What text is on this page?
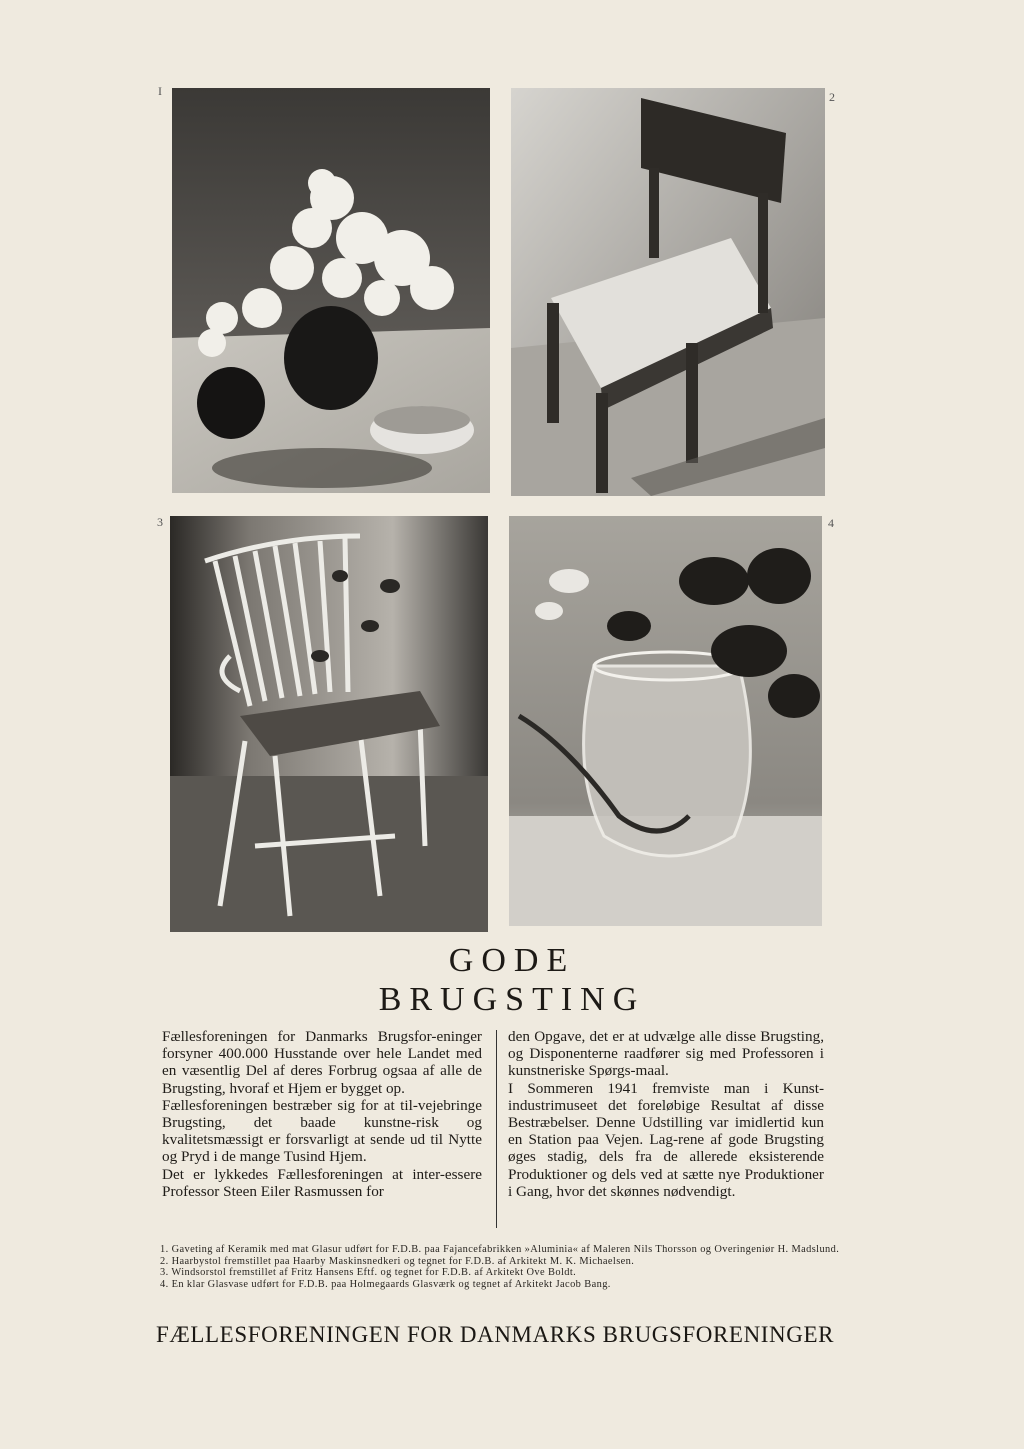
I	2
3	4
GODE
BRUGSTING

Fællesforeningen for Danmarks Brugsfor-eninger forsyner 400.000 Husstande over hele Landet med en væsentlig Del af deres Forbrug ogsaa af alle de Brugsting, hvoraf et Hjem er bygget op.

Fællesforeningen bestræber sig for at til-vejebringe Brugsting, det baade kunstne-risk og kvalitetsmæssigt er forsvarligt at sende ud til Nytte og Pryd i de mange Tusind Hjem.

Det er lykkedes Fællesforeningen at inter-essere Professor Steen Eiler Rasmussen for

den Opgave, det er at udvælge alle disse Brugsting, og Disponenterne raadfører sig med Professoren i kunstneriske Spørgs-maal.

I Sommeren 1941 fremviste man i Kunst-industrimuseet det foreløbige Resultat af disse Bestræbelser. Denne Udstilling var imidlertid kun en Station paa Vejen. Lag-rene af gode Brugsting øges stadig, dels fra de allerede eksisterende Produktioner og dels ved at sætte nye Produktioner i Gang, hvor det skønnes nødvendigt.

1. Gaveting af Keramik med mat Glasur udført for F.D.B. paa Fajancefabrikken »Aluminia« af Maleren Nils Thorsson og Overingeniør H. Madslund.
2. Haarbystol fremstillet paa Haarby Maskinsnedkeri og tegnet for F.D.B. af Arkitekt M. K. Michaelsen.
3. Windsorstol fremstillet af Fritz Hansens Eftf. og tegnet for F.D.B. af Arkitekt Ove Boldt.
4. En klar Glasvase udført for F.D.B. paa Holmegaards Glasværk og tegnet af Arkitekt Jacob Bang.
FÆLLESFORENINGEN FOR DANMARKS BRUGSFORENINGER
